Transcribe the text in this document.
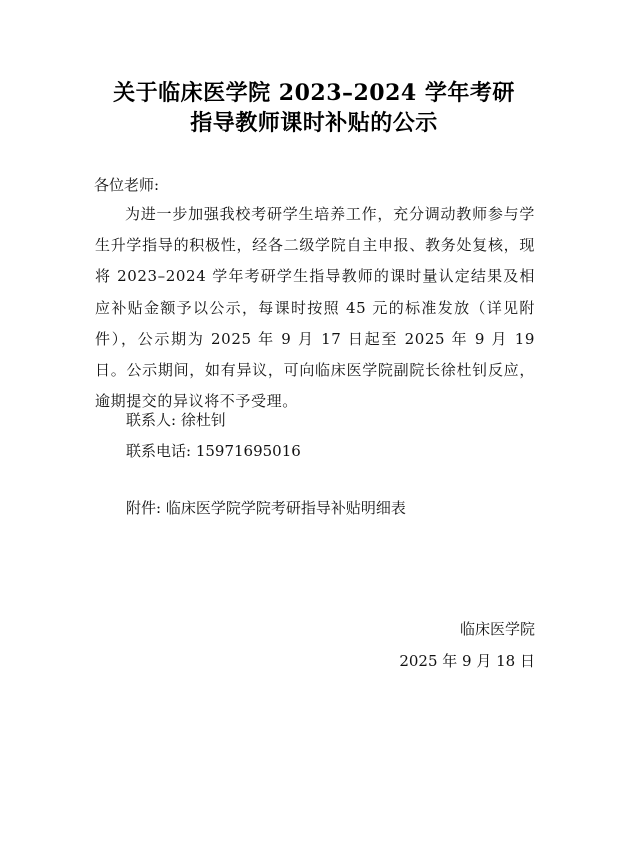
关于临床医学院 2023–2024 学年考研
指导教师课时补贴的公示
各位老师:
为进一步加强我校考研学生培养工作，充分调动教师参与学生升学指导的积极性，经各二级学院自主申报、教务处复核，现将 2023–2024 学年考研学生指导教师的课时量认定结果及相应补贴金额予以公示，每课时按照 45 元的标准发放（详见附件），公示期为 2025 年 9 月 17 日起至 2025 年 9 月 19 日。公示期间，如有异议，可向临床医学院副院长徐杜钊反应，逾期提交的异议将不予受理。
联系人: 徐杜钊
联系电话: 15971695016
附件: 临床医学院学院考研指导补贴明细表
临床医学院
2025 年 9 月 18 日
